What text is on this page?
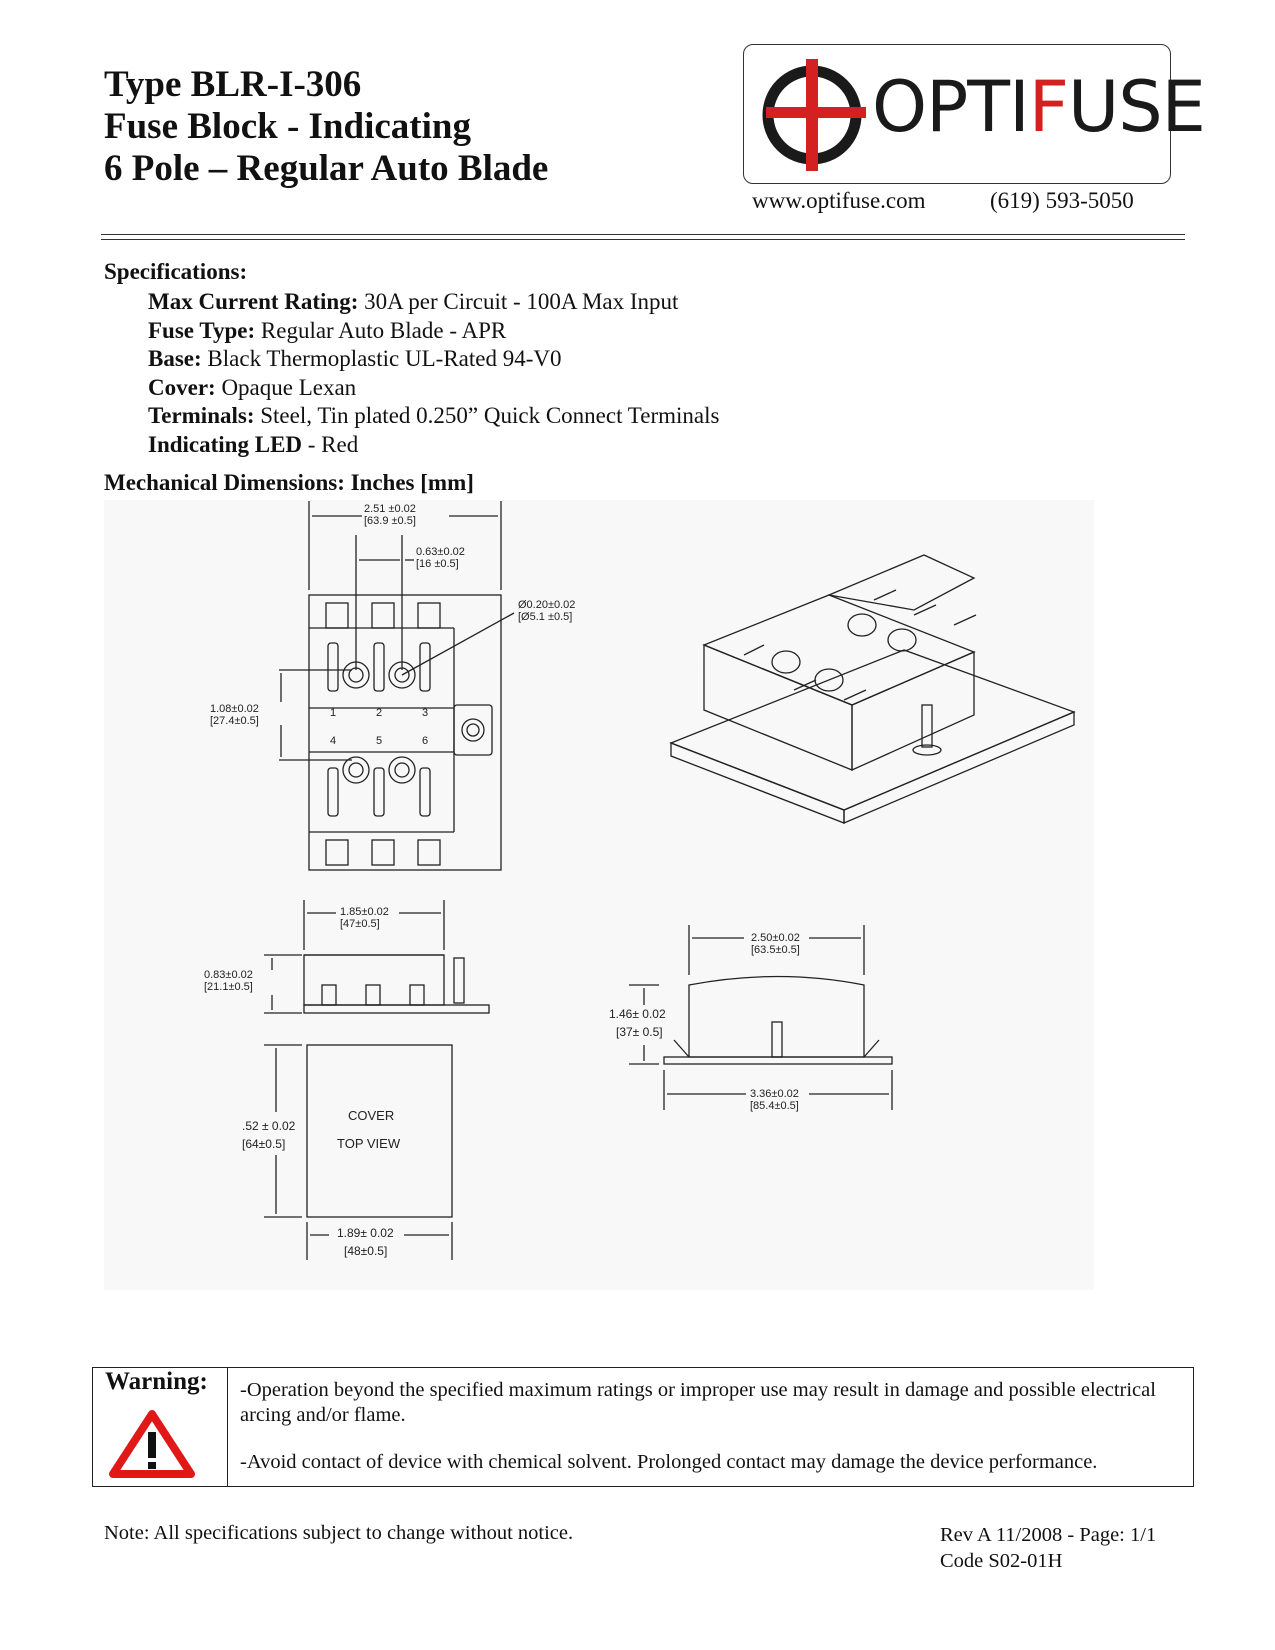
Type BLR-I-306
Fuse Block - Indicating
6 Pole – Regular Auto Blade
OPTIFUSE
www.optifuse.com	(619) 593-5050
Specifications:
Max Current Rating: 30A per Circuit - 100A Max Input
Fuse Type: Regular Auto Blade - APR
Base: Black Thermoplastic UL-Rated 94-V0
Cover: Opaque Lexan
Terminals: Steel, Tin plated 0.250” Quick Connect Terminals
Indicating LED - Red
Mechanical Dimensions: Inches [mm]
2.51 ±0.02
[63.9 ±0.5]
0.63±0.02
[16 ±0.5]
Ø0.20±0.02
[Ø5.1 ±0.5]
1.08±0.02
[27.4±0.5]
1	2	3
4	5	6
1.85±0.02
[47±0.5]
0.83±0.02
[21.1±0.5]
COVER
TOP VIEW
.52 ± 0.02
[64±0.5]
1.89± 0.02
[48±0.5]
2.50±0.02
[63.5±0.5]
1.46± 0.02
[37± 0.5]
3.36±0.02
[85.4±0.5]
Warning: -Operation beyond the specified maximum ratings or improper use may result in damage and possible electrical arcing and/or flame.

-Avoid contact of device with chemical solvent. Prolonged contact may damage the device performance.

Note: All specifications subject to change without notice.	Rev A 11/2008 - Page: 1/1
Code S02-01H
